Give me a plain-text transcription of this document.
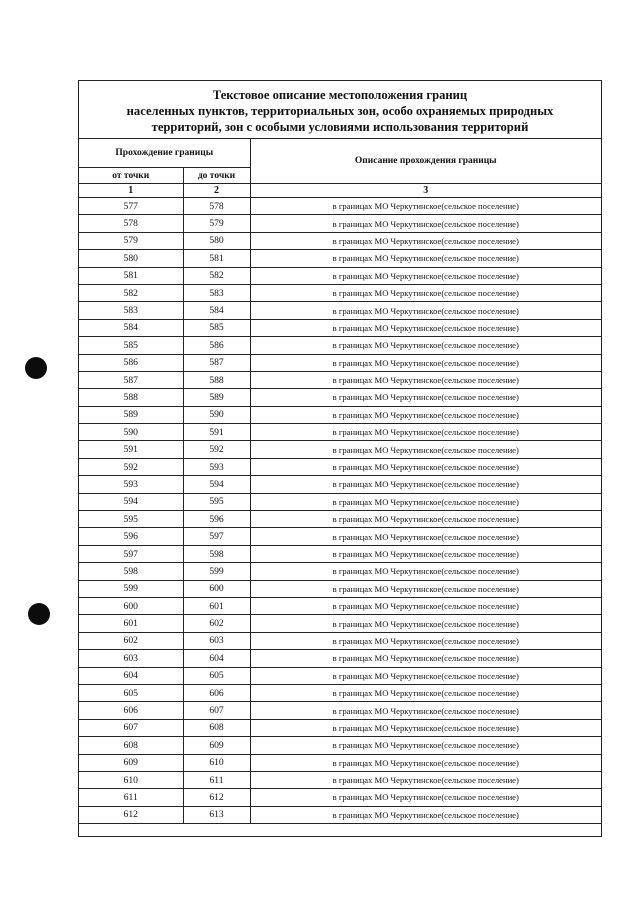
Текстовое описание местоположения границ
населенных пунктов, территориальных зон, особо охраняемых природных
территорий, зон с особыми условиями использования территорий
Прохождение границы		Описание прохождения границы
от точки	до точки	
1	2	3
577	578	в границах МО Черкутинское(сельское поселение)
578	579	в границах МО Черкутинское(сельское поселение)
579	580	в границах МО Черкутинское(сельское поселение)
580	581	в границах МО Черкутинское(сельское поселение)
581	582	в границах МО Черкутинское(сельское поселение)
582	583	в границах МО Черкутинское(сельское поселение)
583	584	в границах МО Черкутинское(сельское поселение)
584	585	в границах МО Черкутинское(сельское поселение)
585	586	в границах МО Черкутинское(сельское поселение)
586	587	в границах МО Черкутинское(сельское поселение)
587	588	в границах МО Черкутинское(сельское поселение)
588	589	в границах МО Черкутинское(сельское поселение)
589	590	в границах МО Черкутинское(сельское поселение)
590	591	в границах МО Черкутинское(сельское поселение)
591	592	в границах МО Черкутинское(сельское поселение)
592	593	в границах МО Черкутинское(сельское поселение)
593	594	в границах МО Черкутинское(сельское поселение)
594	595	в границах МО Черкутинское(сельское поселение)
595	596	в границах МО Черкутинское(сельское поселение)
596	597	в границах МО Черкутинское(сельское поселение)
597	598	в границах МО Черкутинское(сельское поселение)
598	599	в границах МО Черкутинское(сельское поселение)
599	600	в границах МО Черкутинское(сельское поселение)
600	601	в границах МО Черкутинское(сельское поселение)
601	602	в границах МО Черкутинское(сельское поселение)
602	603	в границах МО Черкутинское(сельское поселение)
603	604	в границах МО Черкутинское(сельское поселение)
604	605	в границах МО Черкутинское(сельское поселение)
605	606	в границах МО Черкутинское(сельское поселение)
606	607	в границах МО Черкутинское(сельское поселение)
607	608	в границах МО Черкутинское(сельское поселение)
608	609	в границах МО Черкутинское(сельское поселение)
609	610	в границах МО Черкутинское(сельское поселение)
610	611	в границах МО Черкутинское(сельское поселение)
611	612	в границах МО Черкутинское(сельское поселение)
612	613	в границах МО Черкутинское(сельское поселение)
